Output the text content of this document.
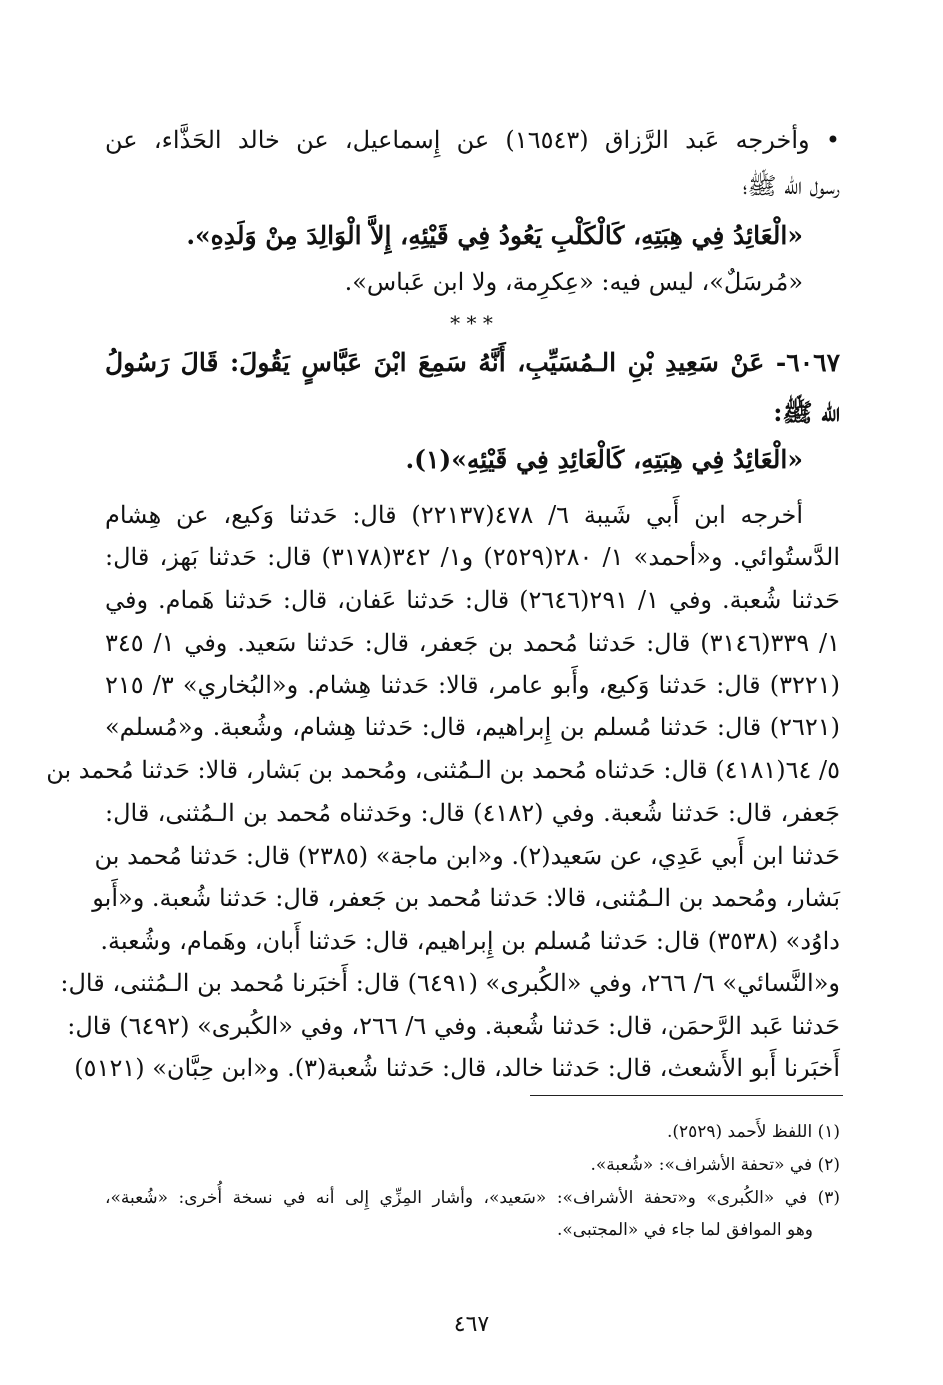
• وأخرجه عَبد الرَّزاق (١٦٥٤٣) عن إِسماعيل، عن خالد الحَذَّاء، عن
رسول الله ﷺ؛
«الْعَائِدُ فِي هِبَتِهِ، كَالْكَلْبِ يَعُودُ فِي قَيْئِهِ، إِلاَّ الْوَالِدَ مِنْ وَلَدِهِ».
«مُرسَلٌ»، ليس فيه: «عِكرِمة، ولا ابن عَباس».
* * *
٦٠٦٧- عَنْ سَعِيدِ بْنِ الـمُسَيِّبِ، أَنَّهُ سَمِعَ ابْنَ عَبَّاسٍ يَقُولَ: قَالَ رَسُولُ
الله ﷺ:
«الْعَائِدُ فِي هِبَتِهِ، كَالْعَائِدِ فِي قَيْئِهِ»(١).
أخرجه ابن أَبي شَيبة ٦/ ٤٧٨(٢٢١٣٧) قال: حَدثنا وَكيع، عن هِشام
الدَّستُوائي. و«أحمد» ١/ ٢٨٠(٢٥٢٩) و١/ ٣٤٢(٣١٧٨) قال: حَدثنا بَهز، قال:
حَدثنا شُعبة. وفي ١/ ٢٩١(٢٦٤٦) قال: حَدثنا عَفان، قال: حَدثنا هَمام. وفي
١/ ٣٣٩(٣١٤٦) قال: حَدثنا مُحمد بن جَعفر، قال: حَدثنا سَعيد. وفي ١/ ٣٤٥
(٣٢٢١) قال: حَدثنا وَكيع، وأَبو عامر، قالا: حَدثنا هِشام. و«البُخاري» ٣/ ٢١٥
(٢٦٢١) قال: حَدثنا مُسلم بن إِبراهيم، قال: حَدثنا هِشام، وشُعبة. و«مُسلم»
٥/ ٦٤(٤١٨١) قال: حَدثناه مُحمد بن الـمُثنى، ومُحمد بن بَشار، قالا: حَدثنا مُحمد بن
جَعفر، قال: حَدثنا شُعبة. وفي (٤١٨٢) قال: وحَدثناه مُحمد بن الـمُثنى، قال:
حَدثنا ابن أَبي عَدِي، عن سَعيد(٢). و«ابن ماجة» (٢٣٨٥) قال: حَدثنا مُحمد بن
بَشار، ومُحمد بن الـمُثنى، قالا: حَدثنا مُحمد بن جَعفر، قال: حَدثنا شُعبة. و«أَبو
داوُد» (٣٥٣٨) قال: حَدثنا مُسلم بن إِبراهيم، قال: حَدثنا أَبان، وهَمام، وشُعبة.
و«النَّسائي» ٦/ ٢٦٦، وفي «الكُبرى» (٦٤٩١) قال: أَخبَرنا مُحمد بن الـمُثنى، قال:
حَدثنا عَبد الرَّحمَن، قال: حَدثنا شُعبة. وفي ٦/ ٢٦٦، وفي «الكُبرى» (٦٤٩٢) قال:
أَخبَرنا أَبو الأَشعث، قال: حَدثنا خالد، قال: حَدثنا شُعبة(٣). و«ابن حِبَّان» (٥١٢١)
(١) اللفظ لأَحمد (٢٥٢٩).
(٢) في «تحفة الأشراف»: «شُعبة».
(٣) في «الكُبرى» و«تحفة الأشراف»: «سَعيد»، وأشار المِزِّي إِلى أنه في نسخة أُخرى: «شُعبة»،
وهو الموافق لما جاء في «المجتبى».
٤٦٧
